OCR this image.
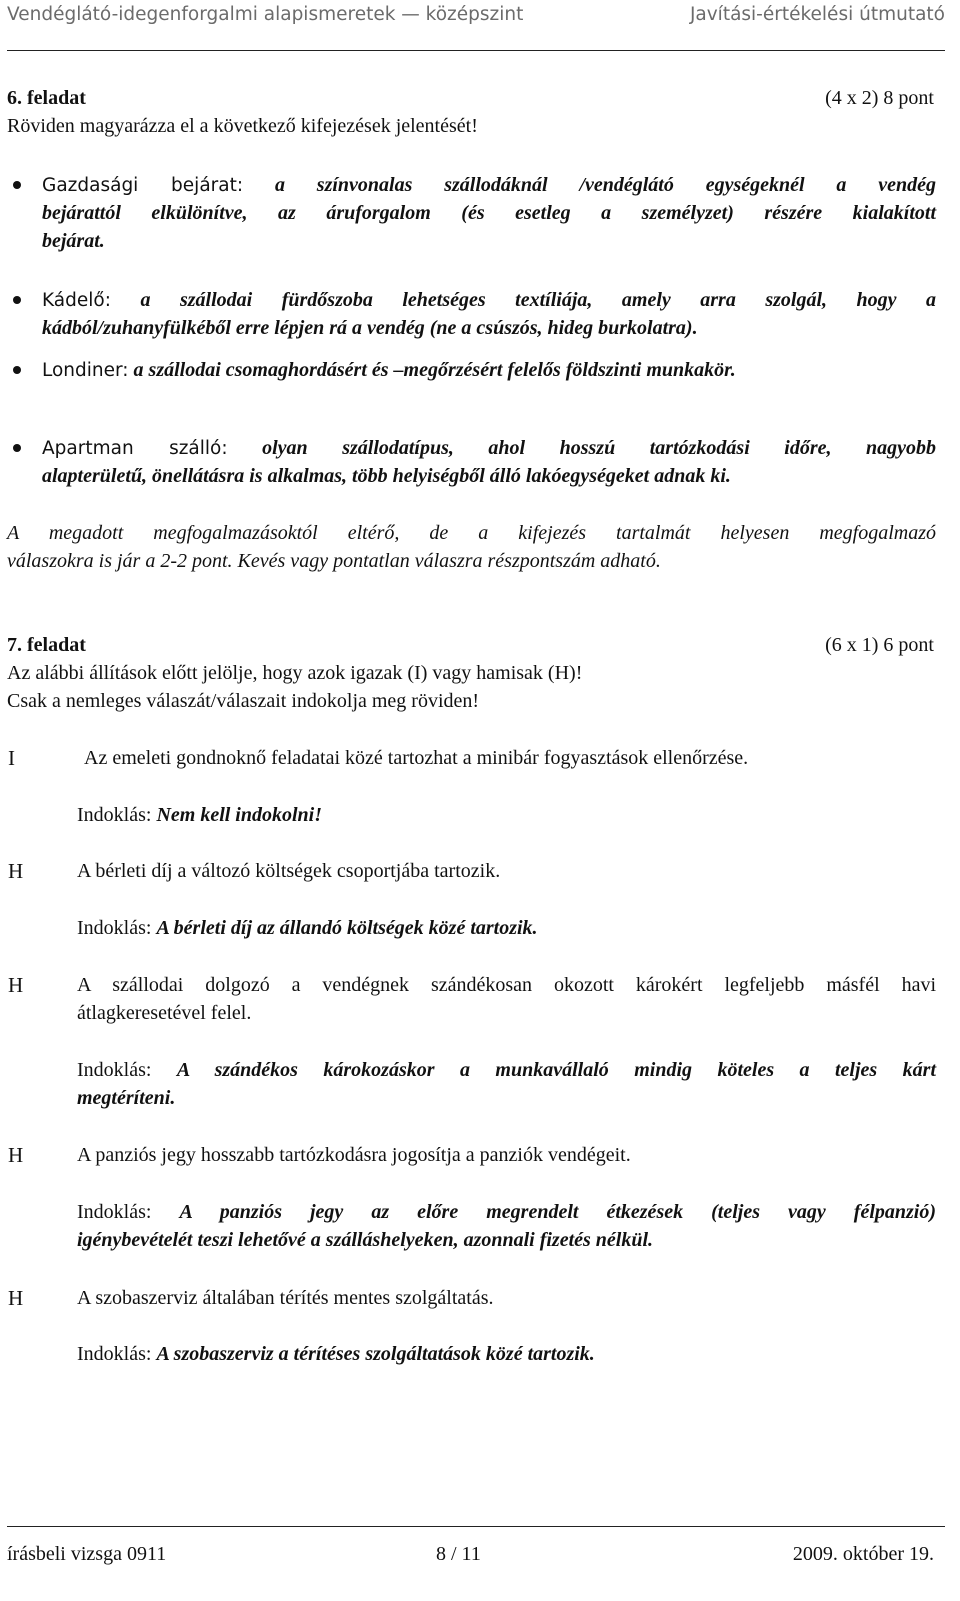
Vendéglátó-idegenforgalmi alapismeretek — középszint	Javítási-értékelési útmutató
6. feladat	(4 x 2) 8 pont
Röviden magyarázza el a következő kifejezések jelentését!
Gazdasági bejárat: a színvonalas szállodáknál /vendéglátó egységeknél a vendég
bejárattól elkülönítve, az áruforgalom (és esetleg a személyzet) részére kialakított
bejárat.
Kádelő: a szállodai fürdőszoba lehetséges textíliája, amely arra szolgál, hogy a
kádból/zuhanyfülkéből erre lépjen rá a vendég (ne a csúszós, hideg burkolatra).
Londiner: a szállodai csomaghordásért és –megőrzésért felelős földszinti munkakör.
Apartman szálló: olyan szállodatípus, ahol hosszú tartózkodási időre, nagyobb
alapterületű, önellátásra is alkalmas, több helyiségből álló lakóegységeket adnak ki.
A megadott megfogalmazásoktól eltérő, de a kifejezés tartalmát helyesen megfogalmazó
válaszokra is jár a 2-2 pont. Kevés vagy pontatlan válaszra részpontszám adható.
7. feladat	(6 x 1) 6 pont
Az alábbi állítások előtt jelölje, hogy azok igazak (I) vagy hamisak (H)!
Csak a nemleges válaszát/válaszait indokolja meg röviden!
I	Az emeleti gondnoknő feladatai közé tartozhat a minibár fogyasztások ellenőrzése.
Indoklás: Nem kell indokolni!
H	A bérleti díj a változó költségek csoportjába tartozik.
Indoklás: A bérleti díj az állandó költségek közé tartozik.
H	A szállodai dolgozó a vendégnek szándékosan okozott károkért legfeljebb másfél havi
átlagkeresetével felel.
Indoklás: A szándékos károkozáskor a munkavállaló mindig köteles a teljes kárt
megtéríteni.
H	A panziós jegy hosszabb tartózkodásra jogosítja a panziók vendégeit.
Indoklás: A panziós jegy az előre megrendelt étkezések (teljes vagy félpanzió)
igénybevételét teszi lehetővé a szálláshelyeken, azonnali fizetés nélkül.
H	A szobaszerviz általában térítés mentes szolgáltatás.
Indoklás: A szobaszerviz a térítéses szolgáltatások közé tartozik.
írásbeli vizsga 0911	8 / 11	2009. október 19.
